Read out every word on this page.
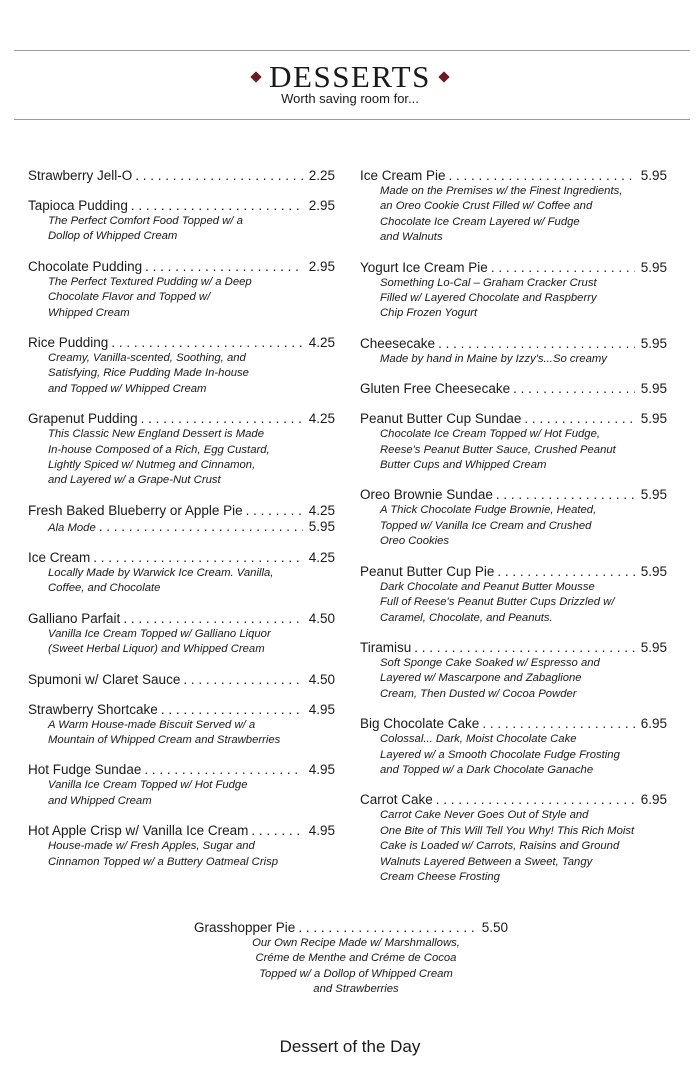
DESSERTS
Worth saving room for...
Strawberry Jell-O . . .	2.25
Tapioca Pudding . . .	2.95
The Perfect Comfort Food Topped w/ a
Dollop of Whipped Cream
Chocolate Pudding . . .	2.95
The Perfect Textured Pudding w/ a Deep
Chocolate Flavor and Topped w/
Whipped Cream
Rice Pudding . . .	4.25
Creamy, Vanilla-scented, Soothing, and
Satisfying, Rice Pudding Made In-house
and Topped w/ Whipped Cream
Grapenut Pudding . . .	4.25
This Classic New England Dessert is Made
In-house Composed of a Rich, Egg Custard,
Lightly Spiced w/ Nutmeg and Cinnamon,
and Layered w/ a Grape-Nut Crust
Fresh Baked Blueberry or Apple Pie . . .	4.25
Ala Mode . . .	5.95
Ice Cream . . .	4.25
Locally Made by Warwick Ice Cream. Vanilla,
Coffee, and Chocolate
Galliano Parfait . . .	4.50
Vanilla Ice Cream Topped w/ Galliano Liquor
(Sweet Herbal Liquor) and Whipped Cream
Spumoni w/ Claret Sauce . . .	4.50
Strawberry Shortcake . . .	4.95
A Warm House-made Biscuit Served w/ a
Mountain of Whipped Cream and Strawberries
Hot Fudge Sundae . . .	4.95
Vanilla Ice Cream Topped w/ Hot Fudge
and Whipped Cream
Hot Apple Crisp w/ Vanilla Ice Cream . . .	4.95
House-made w/ Fresh Apples, Sugar and
Cinnamon Topped w/ a Buttery Oatmeal Crisp
Ice Cream Pie . . .	5.95
Made on the Premises w/ the Finest Ingredients,
an Oreo Cookie Crust Filled w/ Coffee and
Chocolate Ice Cream Layered w/ Fudge
and Walnuts
Yogurt Ice Cream Pie . . .	5.95
Something Lo-Cal – Graham Cracker Crust
Filled w/ Layered Chocolate and Raspberry
Chip Frozen Yogurt
Cheesecake . . .	5.95
Made by hand in Maine by Izzy's...So creamy
Gluten Free Cheesecake . . .	5.95
Peanut Butter Cup Sundae . . .	5.95
Chocolate Ice Cream Topped w/ Hot Fudge,
Reese's Peanut Butter Sauce, Crushed Peanut
Butter Cups and Whipped Cream
Oreo Brownie Sundae . . .	5.95
A Thick Chocolate Fudge Brownie, Heated,
Topped w/ Vanilla Ice Cream and Crushed
Oreo Cookies
Peanut Butter Cup Pie . . .	5.95
Dark Chocolate and Peanut Butter Mousse
Full of Reese's Peanut Butter Cups Drizzled w/
Caramel, Chocolate, and Peanuts.
Tiramisu . . .	5.95
Soft Sponge Cake Soaked w/ Espresso and
Layered w/ Mascarpone and Zabaglione
Cream, Then Dusted w/ Cocoa Powder
Big Chocolate Cake . . .	6.95
Colossal... Dark, Moist Chocolate Cake
Layered w/ a Smooth Chocolate Fudge Frosting
and Topped w/ a Dark Chocolate Ganache
Carrot Cake . . .	6.95
Carrot Cake Never Goes Out of Style and
One Bite of This Will Tell You Why! This Rich Moist
Cake is Loaded w/ Carrots, Raisins and Ground
Walnuts Layered Between a Sweet, Tangy
Cream Cheese Frosting
Grasshopper Pie . . .	5.50
Our Own Recipe Made w/ Marshmallows,
Créme de Menthe and Créme de Cocoa
Topped w/ a Dollop of Whipped Cream
and Strawberries
Dessert of the Day
